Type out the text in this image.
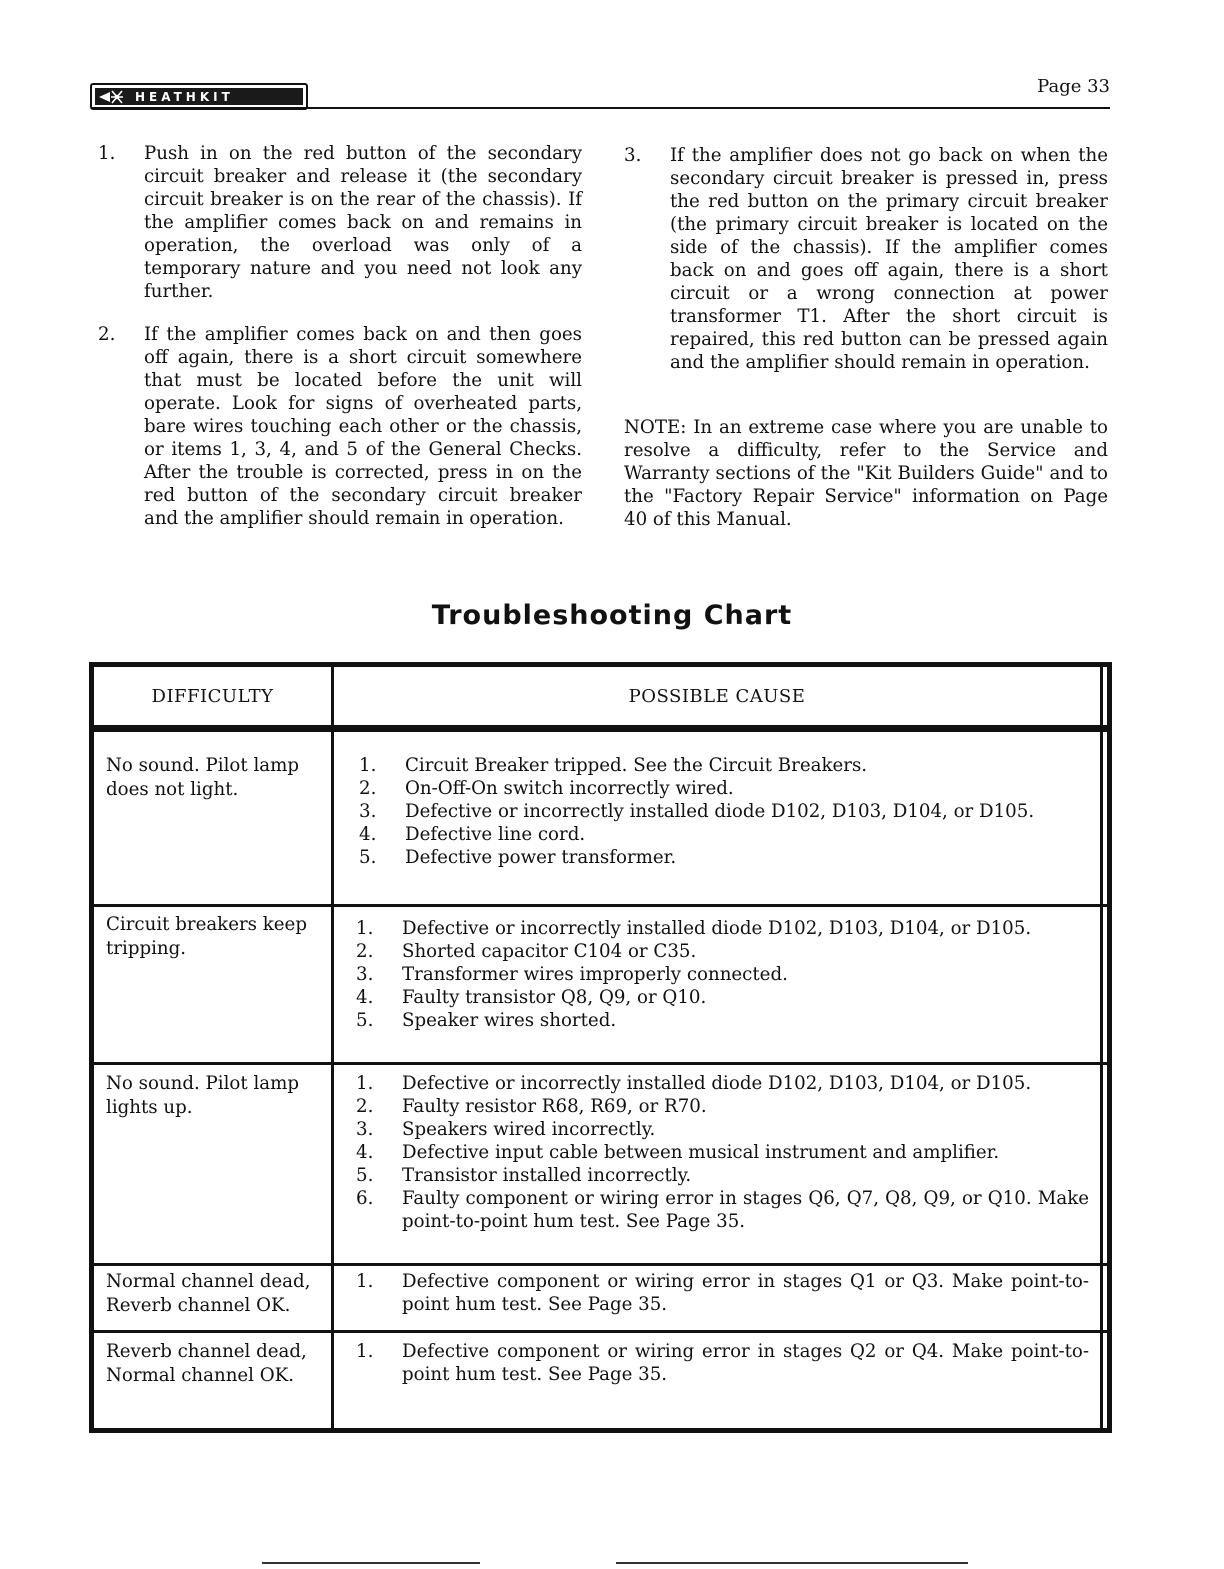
HEATHKIT	Page 33
1.	Push in on the red button of the secondary circuit breaker and release it (the secondary circuit breaker is on the rear of the chassis). If the amplifier comes back on and remains in operation, the overload was only of a temporary nature and you need not look any further.
2.	If the amplifier comes back on and then goes off again, there is a short circuit somewhere that must be located before the unit will operate. Look for signs of overheated parts, bare wires touching each other or the chassis, or items 1, 3, 4, and 5 of the General Checks. After the trouble is corrected, press in on the red button of the secondary circuit breaker and the amplifier should remain in operation.
3.	If the amplifier does not go back on when the secondary circuit breaker is pressed in, press the red button on the primary circuit breaker (the primary circuit breaker is located on the side of the chassis). If the amplifier comes back on and goes off again, there is a short circuit or a wrong connection at power transformer T1. After the short circuit is repaired, this red button can be pressed again and the amplifier should remain in operation.
NOTE: In an extreme case where you are unable to resolve a difficulty, refer to the Service and Warranty sections of the "Kit Builders Guide" and to the "Factory Repair Service" information on Page 40 of this Manual.
Troubleshooting Chart
DIFFICULTY	POSSIBLE CAUSE
No sound. Pilot lamp does not light.
1.	Circuit Breaker tripped. See the Circuit Breakers.
2.	On-Off-On switch incorrectly wired.
3.	Defective or incorrectly installed diode D102, D103, D104, or D105.
4.	Defective line cord.
5.	Defective power transformer.
Circuit breakers keep tripping.
1.	Defective or incorrectly installed diode D102, D103, D104, or D105.
2.	Shorted capacitor C104 or C35.
3.	Transformer wires improperly connected.
4.	Faulty transistor Q8, Q9, or Q10.
5.	Speaker wires shorted.
No sound. Pilot lamp lights up.
1.	Defective or incorrectly installed diode D102, D103, D104, or D105.
2.	Faulty resistor R68, R69, or R70.
3.	Speakers wired incorrectly.
4.	Defective input cable between musical instrument and amplifier.
5.	Transistor installed incorrectly.
6.	Faulty component or wiring error in stages Q6, Q7, Q8, Q9, or Q10. Make point-to-point hum test. See Page 35.
Normal channel dead, Reverb channel OK.
1.	Defective component or wiring error in stages Q1 or Q3. Make point-to-point hum test. See Page 35.
Reverb channel dead, Normal channel OK.
1.	Defective component or wiring error in stages Q2 or Q4. Make point-to-point hum test. See Page 35.
